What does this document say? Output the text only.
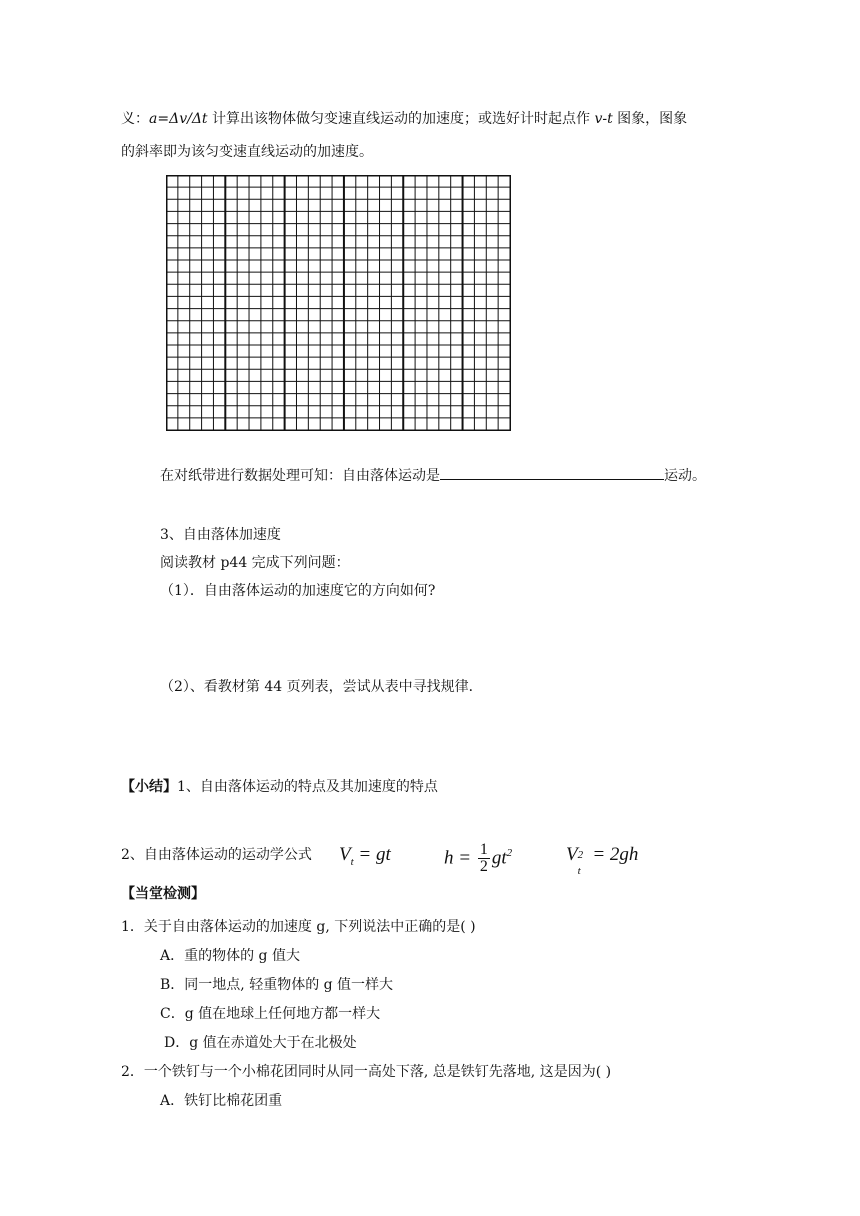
义：a=Δv/Δt 计算出该物体做匀变速直线运动的加速度；或选好计时起点作 v-t 图象，图象
的斜率即为该匀变速直线运动的加速度。
在对纸带进行数据处理可知：自由落体运动是	运动。
3、自由落体加速度
阅读教材 p44 完成下列问题：
（1）．自由落体运动的加速度它的方向如何?
（2）、看教材第 44 页列表，尝试从表中寻找规律．
【小结】1、自由落体运动的特点及其加速度的特点
2、自由落体运动的运动学公式 $V_t$ = gt	$h = \frac{1}{2} gt^2$	V 2
t
= 2gh
【当堂检测】
1．关于自由落体运动的加速度 g, 下列说法中正确的是( )
A．重的物体的 g 值大
B．同一地点, 轻重物体的 g 值一样大
C．g 值在地球上任何地方都一样大
D．g 值在赤道处大于在北极处
2．一个铁钉与一个小棉花团同时从同一高处下落, 总是铁钉先落地, 这是因为( )
A．铁钉比棉花团重
